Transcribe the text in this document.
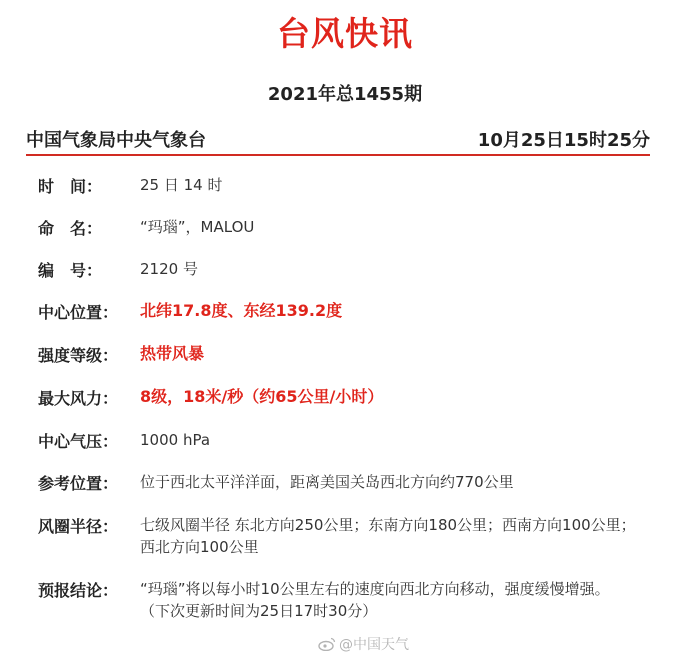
台风快讯
2021年总1455期
中国气象局中央气象台	10月25日15时25分
时　间：	25 日 14 时
命　名：	“玛瑙”，MALOU
编　号：	2120 号
中心位置：	北纬17.8度、东经139.2度
强度等级：	热带风暴
最大风力：	8级，18米/秒（约65公里/小时）
中心气压：	1000 hPa
参考位置：	位于西北太平洋洋面，距离美国关岛西北方向约770公里
风圈半径：	七级风圈半径 东北方向250公里；东南方向180公里；西南方向100公里；西北方向100公里
预报结论：	“玛瑙”将以每小时10公里左右的速度向西北方向移动，强度缓慢增强。
（下次更新时间为25日17时30分）
@中国天气
